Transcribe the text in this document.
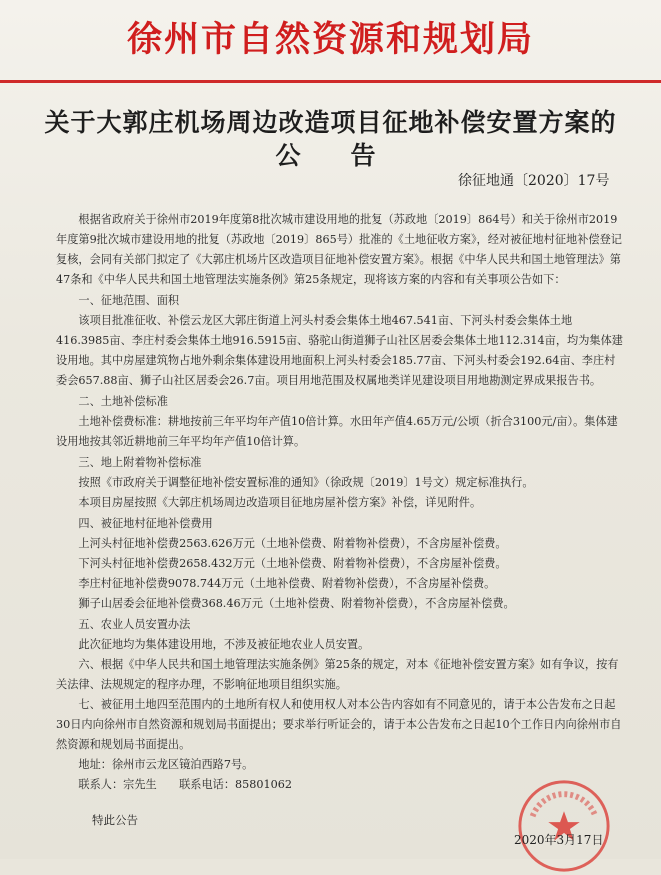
徐州市自然资源和规划局
关于大郭庄机场周边改造项目征地补偿安置方案的
公告
徐征地通〔2020〕17号

根据省政府关于徐州市2019年度第8批次城市建设用地的批复（苏政地〔2019〕864号）和关于徐州市2019年度第9批次城市建设用地的批复（苏政地〔2019〕865号）批准的《土地征收方案》，经对被征地村征地补偿登记复核，会同有关部门拟定了《大郭庄机场片区改造项目征地补偿安置方案》。根据《中华人民共和国土地管理法》第47条和《中华人民共和国土地管理法实施条例》第25条规定，现将该方案的内容和有关事项公告如下：

一、征地范围、面积

该项目批准征收、补偿云龙区大郭庄街道上河头村委会集体土地467.541亩、下河头村委会集体土地416.3985亩、李庄村委会集体土地916.5915亩、骆驼山街道狮子山社区居委会集体土地112.314亩，均为集体建设用地。其中房屋建筑物占地外剩余集体建设用地面积上河头村委会185.77亩、下河头村委会192.64亩、李庄村委会657.88亩、狮子山社区居委会26.7亩。项目用地范围及权属地类详见建设项目用地勘测定界成果报告书。

二、土地补偿标准

土地补偿费标准：耕地按前三年平均年产值10倍计算。水田年产值4.65万元/公顷（折合3100元/亩）。集体建设用地按其邻近耕地前三年平均年产值10倍计算。

三、地上附着物补偿标准

按照《市政府关于调整征地补偿安置标准的通知》（徐政规〔2019〕1号文）规定标准执行。

本项目房屋按照《大郭庄机场周边改造项目征地房屋补偿方案》补偿，详见附件。

四、被征地村征地补偿费用

上河头村征地补偿费2563.626万元（土地补偿费、附着物补偿费），不含房屋补偿费。

下河头村征地补偿费2658.432万元（土地补偿费、附着物补偿费），不含房屋补偿费。

李庄村征地补偿费9078.744万元（土地补偿费、附着物补偿费），不含房屋补偿费。

狮子山居委会征地补偿费368.46万元（土地补偿费、附着物补偿费），不含房屋补偿费。

五、农业人员安置办法

此次征地均为集体建设用地，不涉及被征地农业人员安置。

六、根据《中华人民共和国土地管理法实施条例》第25条的规定，对本《征地补偿安置方案》如有争议，按有关法律、法规规定的程序办理，不影响征地项目组织实施。

七、被征用土地四至范围内的土地所有权人和使用权人对本公告内容如有不同意见的，请于本公告发布之日起30日内向徐州市自然资源和规划局书面提出；要求举行听证会的，请于本公告发布之日起10个工作日内向徐州市自然资源和规划局书面提出。

地址：徐州市云龙区镜泊西路7号。

联系人：宗先生　　联系电话：85801062

特此公告
2020年3月17日
